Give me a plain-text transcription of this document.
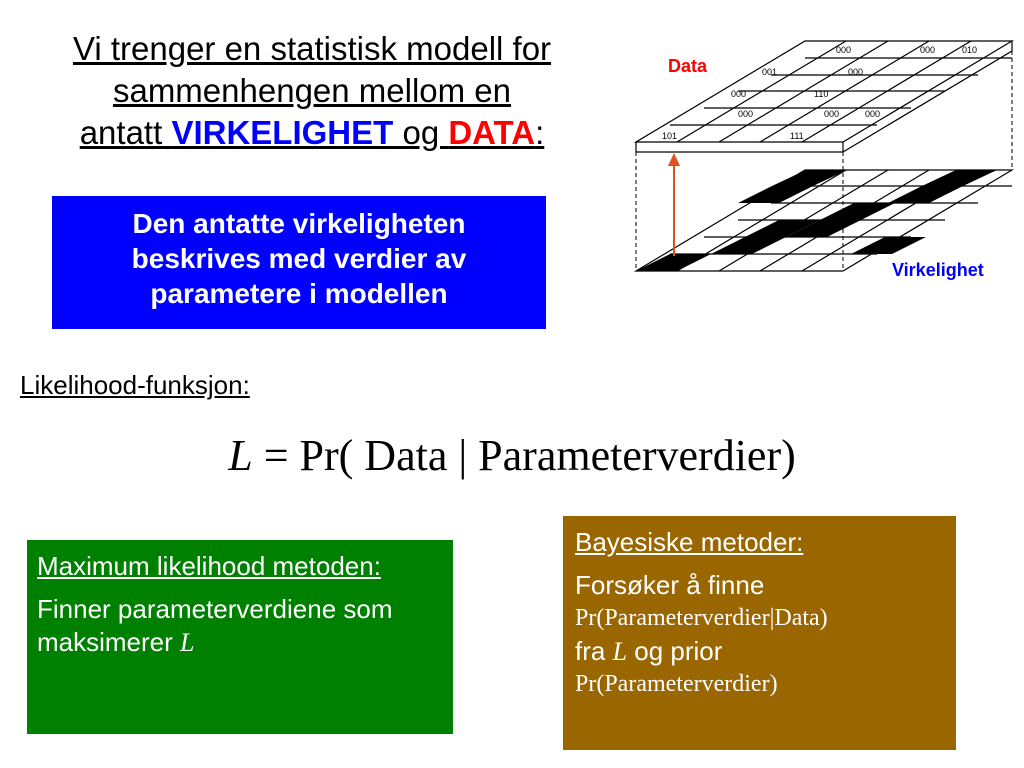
Vi trenger en statistisk modell for
sammenhengen mellom en
antatt VIRKELIGHET og DATA:
Den antatte virkeligheten
beskrives med verdier av
parametere i modellen
000	000	010
001	000
000	110
000	000	000
101	111
Data
Virkelighet
Likelihood-funksjon:
L = Pr( Data | Parameterverdier)
Maximum likelihood metoden:
Finner parameterverdiene som maksimerer L
Bayesiske metoder:
Forsøker å finne
Pr(Parameterverdier|Data)
fra L og prior
Pr(Parameterverdier)
